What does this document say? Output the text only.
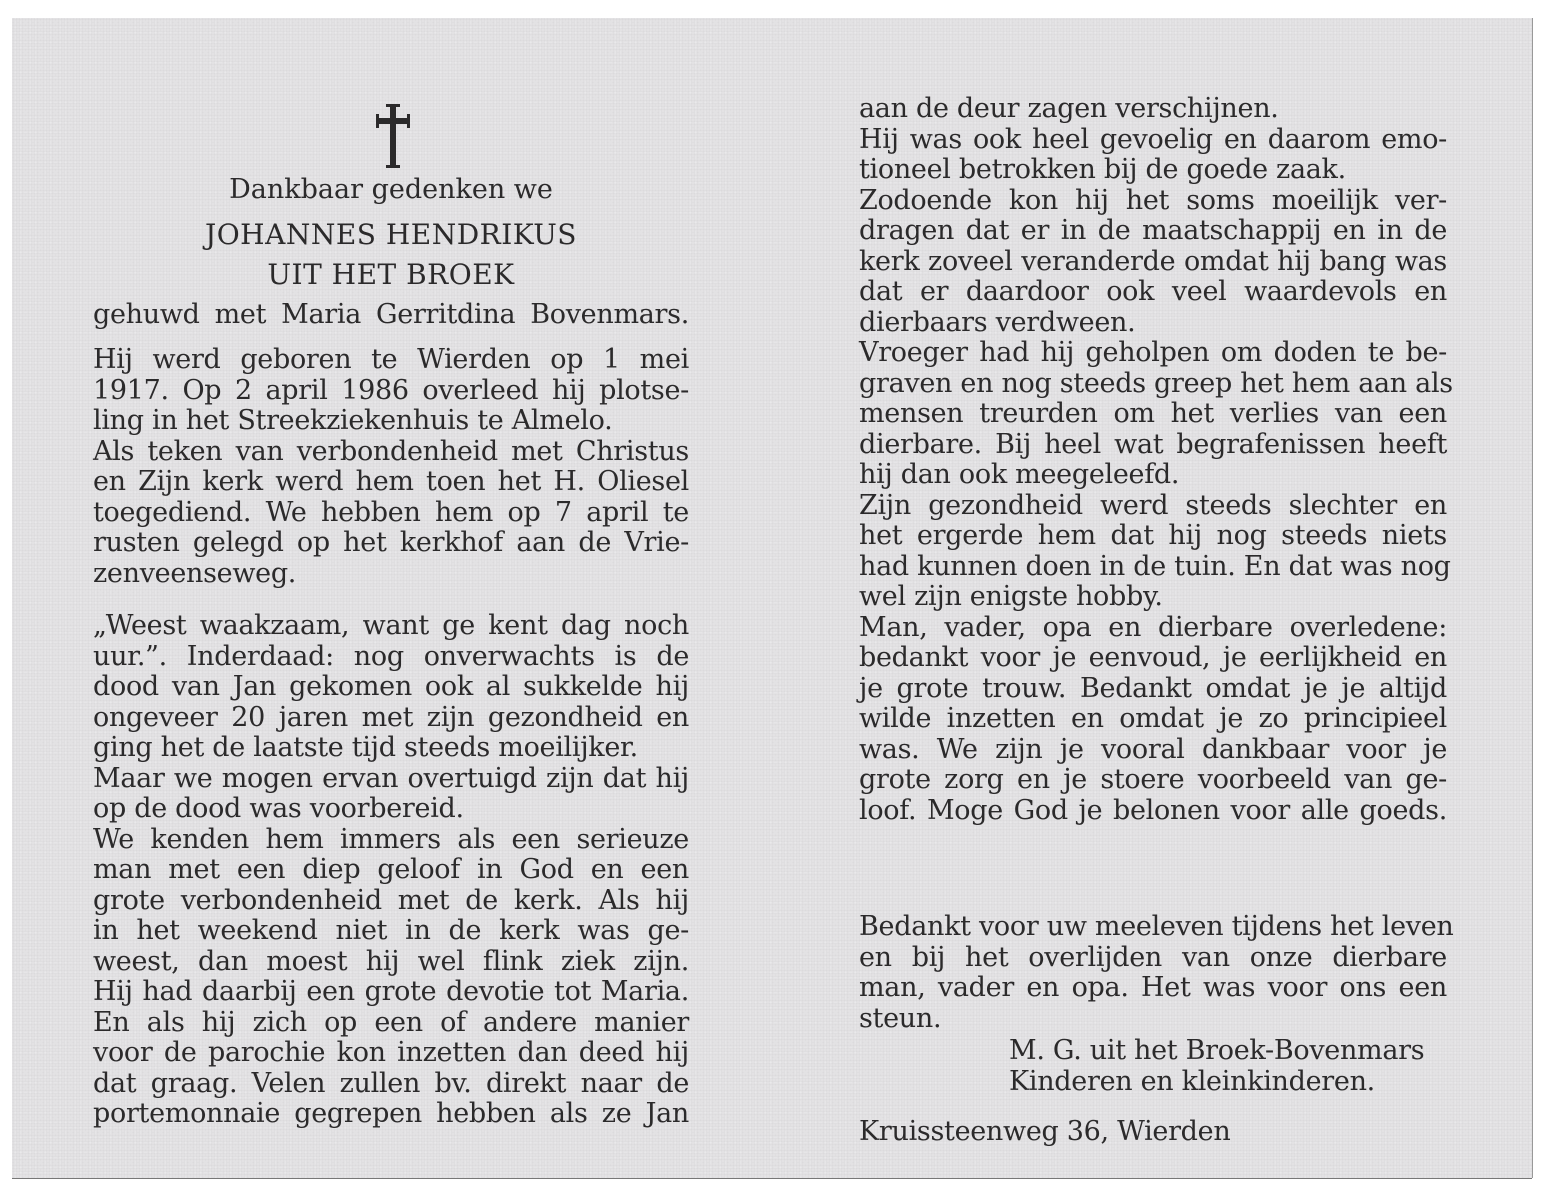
Dankbaar gedenken we
JOHANNES HENDRIKUS
UIT HET BROEK
gehuwd met Maria Gerritdina Bovenmars.
Hij werd geboren te Wierden op 1 mei
1917. Op 2 april 1986 overleed hij plotse-
ling in het Streekziekenhuis te Almelo.
Als teken van verbondenheid met Christus
en Zijn kerk werd hem toen het H. Oliesel
toegediend. We hebben hem op 7 april te
rusten gelegd op het kerkhof aan de Vrie-
zenveenseweg.
„Weest waakzaam, want ge kent dag noch
uur.”. Inderdaad: nog onverwachts is de
dood van Jan gekomen ook al sukkelde hij
ongeveer 20 jaren met zijn gezondheid en
ging het de laatste tijd steeds moeilijker.
Maar we mogen ervan overtuigd zijn dat hij
op de dood was voorbereid.
We kenden hem immers als een serieuze
man met een diep geloof in God en een
grote verbondenheid met de kerk. Als hij
in het weekend niet in de kerk was ge-
weest, dan moest hij wel flink ziek zijn.
Hij had daarbij een grote devotie tot Maria.
En als hij zich op een of andere manier
voor de parochie kon inzetten dan deed hij
dat graag. Velen zullen bv. direkt naar de
portemonnaie gegrepen hebben als ze Jan
aan de deur zagen verschijnen.
Hij was ook heel gevoelig en daarom emo-
tioneel betrokken bij de goede zaak.
Zodoende kon hij het soms moeilijk ver-
dragen dat er in de maatschappij en in de
kerk zoveel veranderde omdat hij bang was
dat er daardoor ook veel waardevols en
dierbaars verdween.
Vroeger had hij geholpen om doden te be-
graven en nog steeds greep het hem aan als
mensen treurden om het verlies van een
dierbare. Bij heel wat begrafenissen heeft
hij dan ook meegeleefd.
Zijn gezondheid werd steeds slechter en
het ergerde hem dat hij nog steeds niets
had kunnen doen in de tuin. En dat was nog
wel zijn enigste hobby.
Man, vader, opa en dierbare overledene:
bedankt voor je eenvoud, je eerlijkheid en
je grote trouw. Bedankt omdat je je altijd
wilde inzetten en omdat je zo principieel
was. We zijn je vooral dankbaar voor je
grote zorg en je stoere voorbeeld van ge-
loof. Moge God je belonen voor alle goeds.
Bedankt voor uw meeleven tijdens het leven
en bij het overlijden van onze dierbare
man, vader en opa. Het was voor ons een
steun.
M. G. uit het Broek-Bovenmars
Kinderen en kleinkinderen.
Kruissteenweg 36, Wierden
